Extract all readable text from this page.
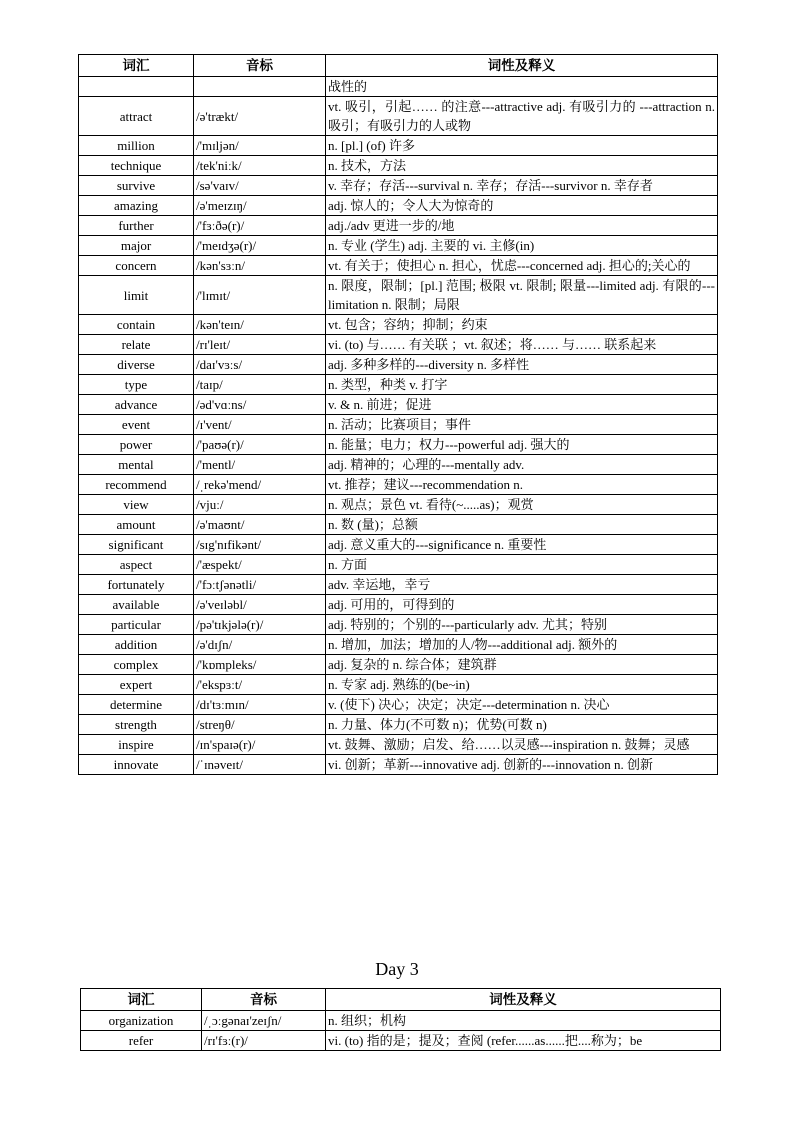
词汇	音标	词性及释义
		战性的
attract	/ə'trækt/	vt. 吸引，引起…… 的注意---attractive adj. 有吸引力的 ---attraction n. 吸引；有吸引力的人或物
million	/'mɪljən/	n. [pl.] (of) 许多
technique	/tek'niːk/	n. 技术，方法
survive	/sə'vaɪv/	v. 幸存；存活---survival n. 幸存；存活---survivor n. 幸存者
amazing	/ə'meɪzɪŋ/	adj. 惊人的；令人大为惊奇的
further	/'fɜːðə(r)/	adj./adv 更进一步的/地
major	/'meɪdʒə(r)/	n. 专业 (学生) adj. 主要的 vi. 主修(in)
concern	/kən'sɜːn/	vt. 有关于；使担心 n. 担心，忧虑---concerned adj. 担心的;关心的
limit	/'lɪmɪt/	n. 限度，限制；[pl.] 范围; 极限 vt. 限制; 限量---limited adj. 有限的---limitation n. 限制；局限
contain	/kən'teɪn/	vt. 包含；容纳；抑制；约束
relate	/rɪ'leɪt/	vi. (to) 与…… 有关联 ；vt. 叙述；将…… 与…… 联系起来
diverse	/daɪ'vɜːs/	adj. 多种多样的---diversity n. 多样性
type	/taɪp/	n. 类型，种类 v. 打字
advance	/əd'vɑːns/	v. & n. 前进；促进
event	/ɪ'vent/	n. 活动；比赛项目；事件
power	/'paʊə(r)/	n. 能量；电力；权力---powerful adj. 强大的
mental	/'mentl/	adj. 精神的；心理的---mentally adv.
recommend	/ˌrekə'mend/	vt. 推荐；建议---recommendation n.
view	/vjuː/	n. 观点；景色 vt. 看待(~.....as)；观赏
amount	/ə'maʊnt/	n. 数 (量)；总额
significant	/sɪg'nɪfikənt/	adj. 意义重大的---significance n. 重要性
aspect	/'æspekt/	n. 方面
fortunately	/'fɔːtʃənətli/	adv. 幸运地，幸亏
available	/ə'veɪləbl/	adj. 可用的，可得到的
particular	/pə'tɪkjələ(r)/	adj. 特别的；个别的---particularly adv. 尤其；特别
addition	/ə'dɪʃn/	n. 增加，加法；增加的人/物---additional adj. 额外的
complex	/'kɒmpleks/	adj. 复杂的 n. 综合体；建筑群
expert	/'ekspɜːt/	n. 专家 adj. 熟练的(be~in)
determine	/dɪ'tɜːmɪn/	v. (使下) 决心；决定；决定---determination n. 决心
strength	/streŋθ/	n. 力量、体力(不可数 n)；优势(可数 n)
inspire	/ɪn'spaɪə(r)/	vt. 鼓舞、激励；启发、给……以灵感---inspiration n. 鼓舞；灵感
innovate	/ˈɪnəveɪt/	vi. 创新；革新---innovative adj. 创新的---innovation n. 创新
Day 3
词汇	音标	词性及释义
organization	/ˌɔːgənaɪ'zeɪʃn/	n. 组织；机构
refer	/rɪ'fɜː(r)/	vi. (to) 指的是；提及；查阅 (refer......as......把....称为；be
